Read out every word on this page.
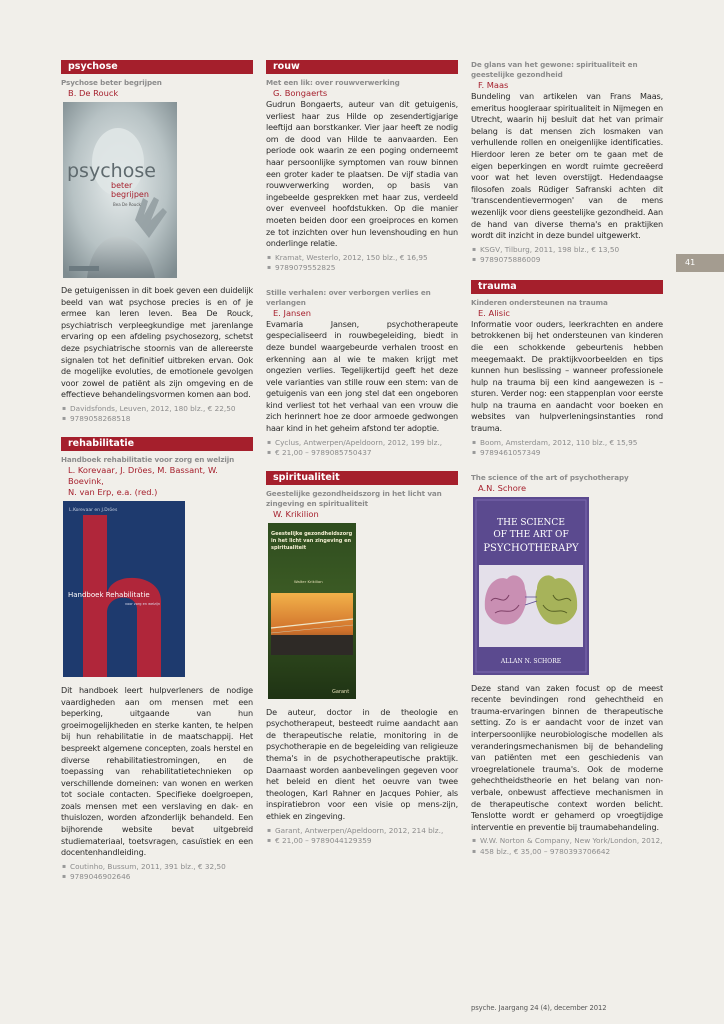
psychose
Psychose beter begrijpen
B. De Rouck
psychose
beter
begrijpen
Bea De Rouck
De getuigenissen in dit boek geven een duidelijk beeld van wat psychose precies is en of je ermee kan leren leven. Bea De Rouck, psychiatrisch verpleegkundige met jarenlange ervaring op een afdeling psychosezorg, schetst deze psychiatrische stoornis van de allereerste signalen tot het definitief uitbreken ervan. Ook de mogelijke evoluties, de emotionele gevolgen voor zowel de patiënt als zijn omgeving en de effectieve behandelingsvormen komen aan bod.
▪ Davidsfonds, Leuven, 2012, 180 blz., € 22,50
▪ 9789058268518
rehabilitatie
Handboek rehabilitatie voor zorg en welzijn
L. Korevaar, J. Dröes, M. Bassant, W. Boevink,
N. van Erp, e.a. (red.)
L.Korevaar en J.Dröes
Handboek Rehabilitatie
voor zorg en welzijn
Dit handboek leert hulpverleners de nodige vaardigheden aan om mensen met een beperking, uitgaande van hun groeimogelijkheden en sterke kanten, te helpen bij hun rehabilitatie in de maatschappij. Het bespreekt algemene concepten, zoals herstel en diverse rehabilitatiestromingen, en de toepassing van rehabilitatietechnieken op verschillende domeinen: van wonen en werken tot sociale contacten. Specifieke doelgroepen, zoals mensen met een verslaving en dak- en thuislozen, worden afzonderlijk behandeld. Een bijhorende website bevat uitgebreid studiemateriaal, toetsvragen, casuïstiek en een docentenhandleiding.
▪ Coutinho, Bussum, 2011, 391 blz., € 32,50
▪ 9789046902646
rouw
Met een lik: over rouwverwerking
G. Bongaerts
Gudrun Bongaerts, auteur van dit getuigenis, verliest haar zus Hilde op zesendertigjarige leeftijd aan borstkanker. Vier jaar heeft ze nodig om de dood van Hilde te aanvaarden. Een periode ook waarin ze een poging onderneemt haar persoonlijke symptomen van rouw binnen een groter kader te plaatsen. De vijf stadia van rouwverwerking worden, op basis van ingebeelde gesprekken met haar zus, verdeeld over evenveel hoofdstukken. Op die manier moeten beiden door een groeiproces en komen ze tot inzichten over hun levenshouding en hun onderlinge relatie.
▪ Kramat, Westerlo, 2012, 150 blz., € 16,95
▪ 9789079552825
Stille verhalen: over verborgen verlies en verlangen
E. Jansen
Evamaria Jansen, psychotherapeute gespecialiseerd in rouwbegeleiding, biedt in deze bundel waargebeurde verhalen troost en erkenning aan al wie te maken krijgt met ongezien verlies. Tegelijkertijd geeft het deze vele varianties van stille rouw een stem: van de getuigenis van een jong stel dat een ongeboren kind verliest tot het verhaal van een vrouw die zich herinnert hoe ze door armoede gedwongen haar kind in het geheim afstond ter adoptie.
▪ Cyclus, Antwerpen/Apeldoorn, 2012, 199 blz.,
▪ € 21,00 – 9789085750437
spiritualiteit
Geestelijke gezondheidszorg in het licht van zingeving en spiritualiteit
W. Krikilion
Geestelijke gezondheidszorg in het licht van zingeving en spiritualiteit
Walter Krikilion
Garant
De auteur, doctor in de theologie en psychotherapeut, besteedt ruime aandacht aan de therapeutische relatie, monitoring in de psychotherapie en de begeleiding van religieuze thema's in de psychotherapeutische praktijk. Daarnaast worden aanbevelingen gegeven voor het beleid en dient het oeuvre van twee theologen, Karl Rahner en Jacques Pohier, als inspiratiebron voor een visie op mens-zijn, ethiek en zingeving.
▪ Garant, Antwerpen/Apeldoorn, 2012, 214 blz.,
▪ € 21,00 – 9789044129359
De glans van het gewone: spiritualiteit en geestelijke gezondheid
F. Maas
Bundeling van artikelen van Frans Maas, emeritus hoogleraar spiritualiteit in Nijmegen en Utrecht, waarin hij besluit dat het van primair belang is dat mensen zich losmaken van verhullende rollen en oneigenlijke identificaties. Hierdoor leren ze beter om te gaan met de eigen beperkingen en wordt ruimte gecreëerd voor wat het leven overstijgt. Hedendaagse filosofen zoals Rüdiger Safranski achten dit 'transcendentievermogen' van de mens wezenlijk voor diens geestelijke gezondheid. Aan de hand van diverse thema's en praktijken wordt dit inzicht in deze bundel uitgewerkt.
▪ KSGV, Tilburg, 2011, 198 blz., € 13,50
▪ 9789075886009
trauma
Kinderen ondersteunen na trauma
E. Alisic
Informatie voor ouders, leerkrachten en andere betrokkenen bij het ondersteunen van kinderen die een schokkende gebeurtenis hebben meegemaakt. De praktijkvoorbeelden en tips kunnen hun beslissing – wanneer professionele hulp na trauma bij een kind aangewezen is – sturen. Verder nog: een stappenplan voor eerste hulp na trauma en aandacht voor boeken en websites van hulpverleningsinstanties rond trauma.
▪ Boom, Amsterdam, 2012, 110 blz., € 15,95
▪ 9789461057349
The science of the art of psychotherapy
A.N. Schore
THE SCIENCE
OF THE ART OF
PSYCHOTHERAPY
ALLAN N. SCHORE
Deze stand van zaken focust op de meest recente bevindingen rond gehechtheid en trauma-ervaringen binnen de therapeutische setting. Zo is er aandacht voor de inzet van interpersoonlijke neurobiologische modellen als veranderingsmechanismen bij de behandeling van patiënten met een geschiedenis van vroegrelationele trauma's. Ook de moderne gehechtheidstheorie en het belang van non-verbale, onbewust affectieve mechanismen in de therapeutische context worden belicht. Tenslotte wordt er gehamerd op vroegtijdige interventie en preventie bij traumabehandeling.
▪ W.W. Norton & Company, New York/London, 2012,
▪ 458 blz., € 35,00 – 9780393706642
41
psyche. Jaargang 24 (4), december 2012
